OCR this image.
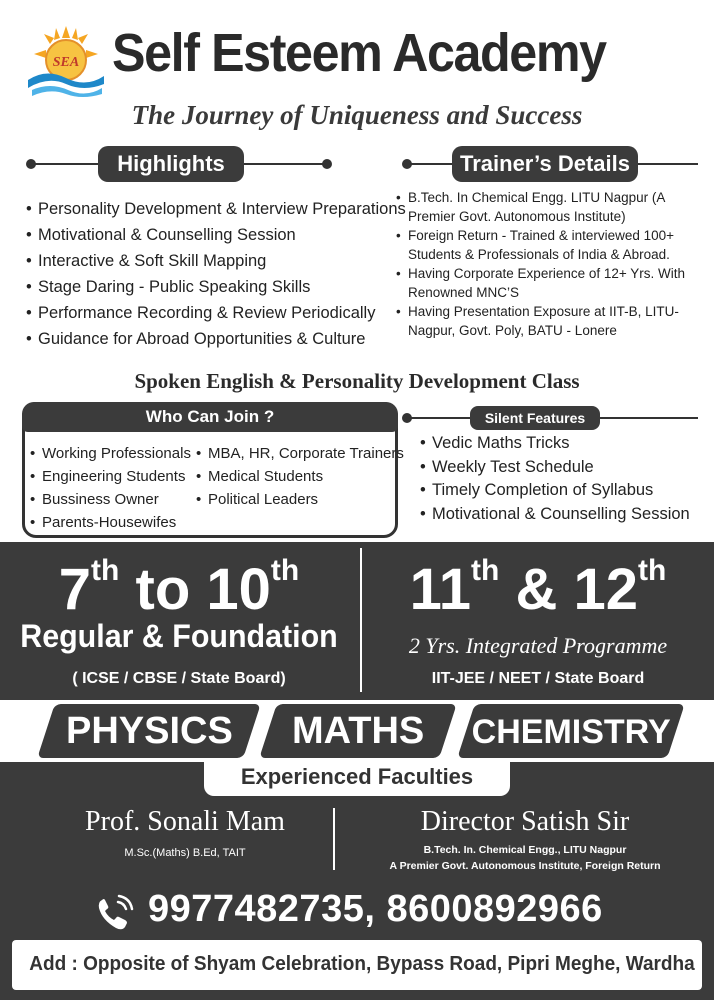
SEA Self Esteem Academy
The Journey of Uniqueness and Success
Highlights
• Personality Development & Interview Preparations
• Motivational & Counselling Session
• Interactive & Soft Skill Mapping
• Stage Daring - Public Speaking Skills
• Performance Recording & Review Periodically
• Guidance for Abroad Opportunities & Culture
Trainer’s Details
• B.Tech. In Chemical Engg. LITU Nagpur (A Premier Govt. Autonomous Institute)
• Foreign Return - Trained & interviewed 100+ Students & Professionals of India & Abroad.
• Having Corporate Experience of 12+ Yrs. With Renowned MNC’S
• Having Presentation Exposure at IIT-B, LITU-Nagpur, Govt. Poly, BATU - Lonere
Spoken English & Personality Development Class
Who Can Join ?
• Working Professionals
• Engineering Students
• Bussiness Owner
• Parents-Housewifes
• MBA, HR, Corporate Trainers
• Medical Students
• Political Leaders
Silent Features
• Vedic Maths Tricks
• Weekly Test Schedule
• Timely Completion of Syllabus
• Motivational & Counselling Session
7th to 10th
Regular & Foundation
( ICSE / CBSE / State Board)
11th & 12th
2 Yrs. Integrated Programme
IIT-JEE / NEET / State Board
PHYSICS	MATHS	CHEMISTRY
Experienced Faculties
Prof. Sonali Mam
M.Sc.(Maths) B.Ed, TAIT
Director Satish Sir
B.Tech. In. Chemical Engg., LITU Nagpur
A Premier Govt. Autonomous Institute, Foreign Return
9977482735, 8600892966
Add : Opposite of Shyam Celebration, Bypass Road, Pipri Meghe, Wardha
